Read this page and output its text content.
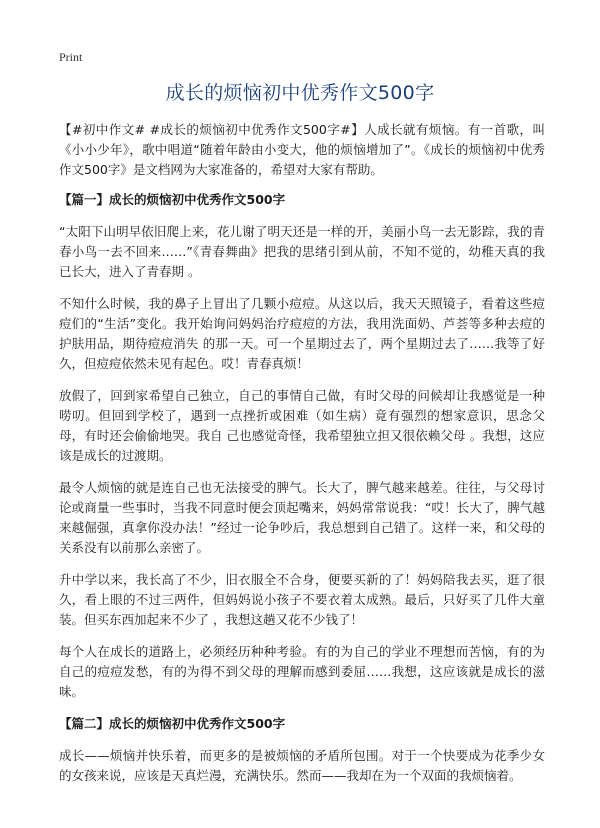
Print
成长的烦恼初中优秀作文500字

【#初中作文# #成长的烦恼初中优秀作文500字#】人成长就有烦恼。有一首歌，叫《小小少年》，歌中唱道“随着年龄由小变大，他的烦恼增加了”。《成长的烦恼初中优秀作文500字》是文档网为大家准备的，希望对大家有帮助。

【篇一】成长的烦恼初中优秀作文500字

“太阳下山明早依旧爬上来，花儿谢了明天还是一样的开，美丽小鸟一去无影踪，我的青春小鸟一去不回来……”《青春舞曲》把我的思绪引到从前，不知不觉的，幼稚天真的我已长大，进入了青春期 。

不知什么时候，我的鼻子上冒出了几颗小痘痘。从这以后，我天天照镜子，看着这些痘痘们的“生活”变化。我开始询问妈妈治疗痘痘的方法，我用洗面奶、芦荟等多种去痘的护肤用品，期待痘痘消失 的那一天。可一个星期过去了，两个星期过去了……我等了好久，但痘痘依然未见有起色。哎！青春真烦！

放假了，回到家希望自己独立，自己的事情自己做，有时父母的问候却让我感觉是一种唠叨。但回到学校了，遇到一点挫折或困难（如生病）竟有强烈的想家意识，思念父母，有时还会偷偷地哭。我自 己也感觉奇怪，我希望独立担又很依赖父母 。我想，这应该是成长的过渡期。

最令人烦恼的就是连自己也无法接受的脾气。长大了，脾气越来越差。往往，与父母讨论或商量一些事时，当我不同意时便会顶起嘴来，妈妈常常说我：“哎！长大了，脾气越来越倔强，真拿你没办法！”经过一论争吵后，我总想到自己错了。这样一来，和父母的关系没有以前那么亲密了。

升中学以来，我长高了不少，旧衣服全不合身，便要买新的了！妈妈陪我去买，逛了很久，看上眼的不过三两件，但妈妈说小孩子不要衣着太成熟。最后，只好买了几件大童装。但买东西加起来不少了 ，我想这趟又花不少钱了！

每个人在成长的道路上，必须经历种种考验。有的为自己的学业不理想而苦恼，有的为自己的痘痘发愁，有的为得不到父母的理解而感到委屈……我想，这应该就是成长的滋味。

【篇二】成长的烦恼初中优秀作文500字

成长——烦恼并快乐着，而更多的是被烦恼的矛盾所包围。对于一个快要成为花季少女的女孩来说，应该是天真烂漫，充满快乐。然而——我却在为一个双面的我烦恼着。
